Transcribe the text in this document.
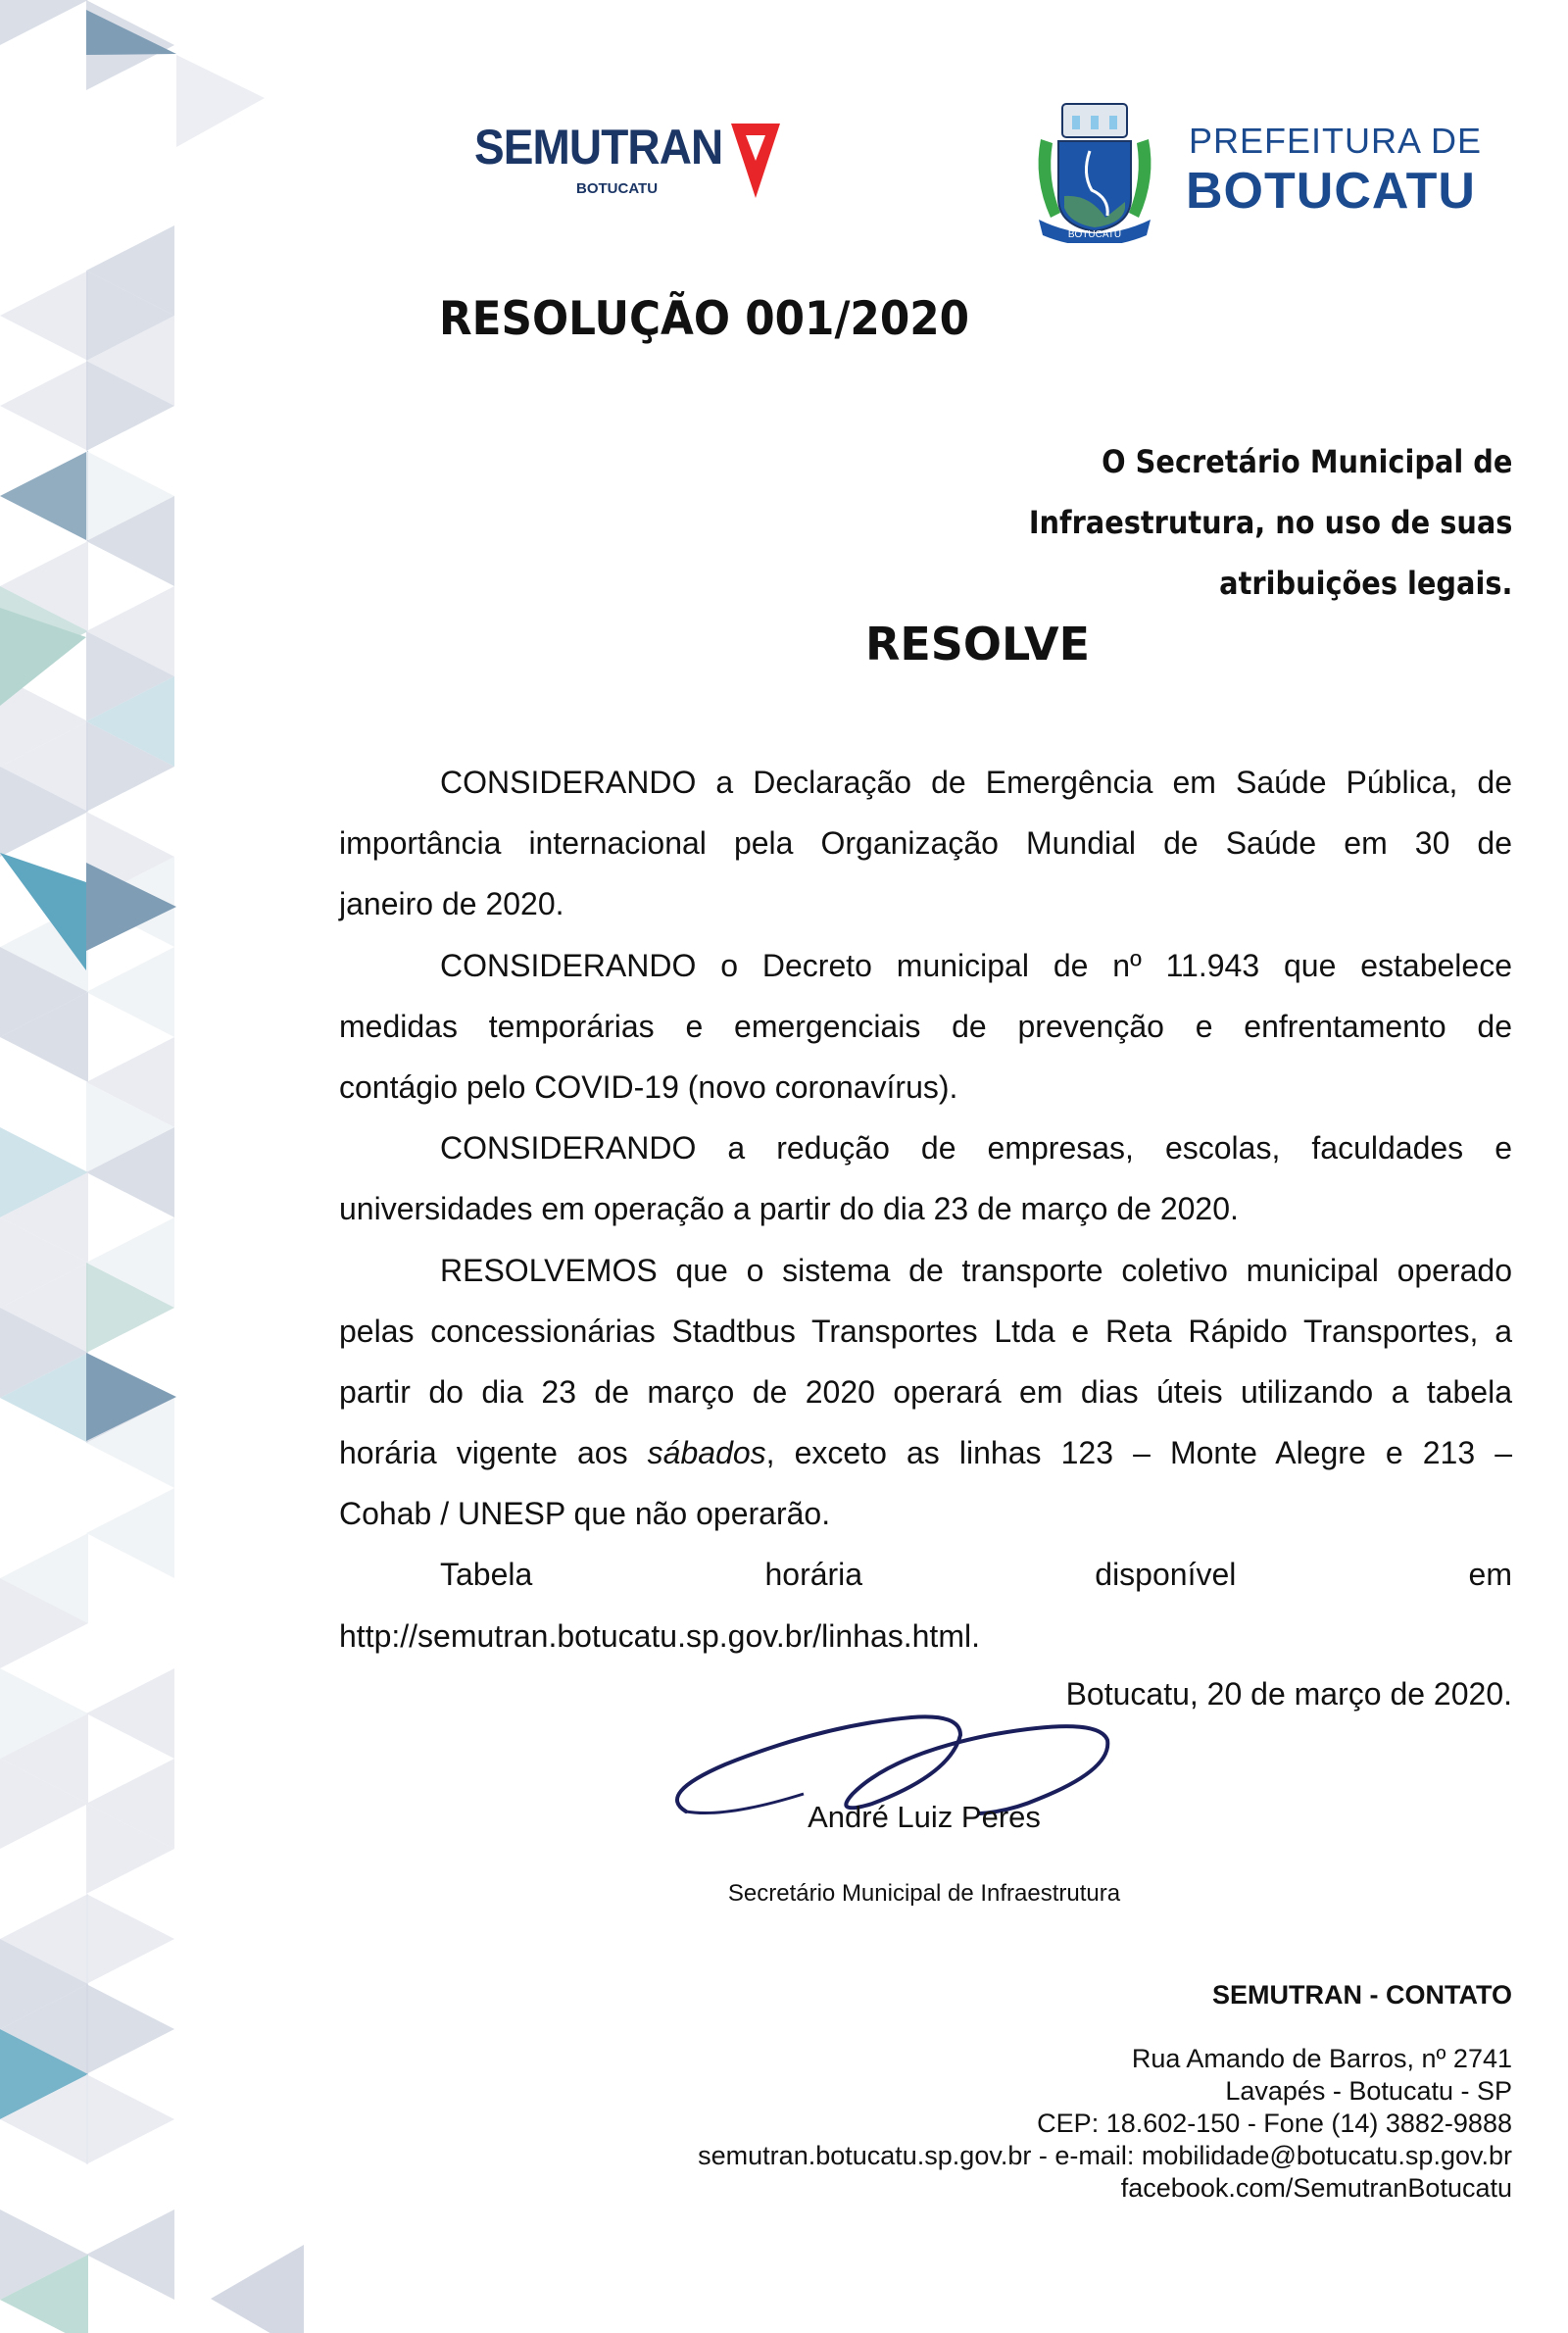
SEMUTRAN
BOTUCATU
BOTUCATU
PREFEITURA DE
BOTUCATU
RESOLUÇÃO 001/2020
O Secretário Municipal de
Infraestrutura, no uso de suas
atribuições legais.
RESOLVE
CONSIDERANDO a Declaração de Emergência em Saúde Pública, de
importância internacional pela Organização Mundial de Saúde em 30 de
janeiro de 2020.
CONSIDERANDO o Decreto municipal de nº 11.943 que estabelece
medidas temporárias e emergenciais de prevenção e enfrentamento de
contágio pelo COVID-19 (novo coronavírus).
CONSIDERANDO a redução de empresas, escolas, faculdades e
universidades em operação a partir do dia 23 de março de 2020.
RESOLVEMOS que o sistema de transporte coletivo municipal operado
pelas concessionárias Stadtbus Transportes Ltda e Reta Rápido Transportes, a
partir do dia 23 de março de 2020 operará em dias úteis utilizando a tabela
horária vigente aos sábados, exceto as linhas 123 – Monte Alegre e 213 –
Cohab / UNESP que não operarão.
Tabela horária disponível em
http://semutran.botucatu.sp.gov.br/linhas.html.
Botucatu, 20 de março de 2020.
André Luiz Peres
Secretário Municipal de Infraestrutura
SEMUTRAN - CONTATO
Rua Amando de Barros, nº 2741
Lavapés - Botucatu - SP
CEP: 18.602-150 - Fone (14) 3882-9888
semutran.botucatu.sp.gov.br - e-mail: mobilidade@botucatu.sp.gov.br
facebook.com/SemutranBotucatu
